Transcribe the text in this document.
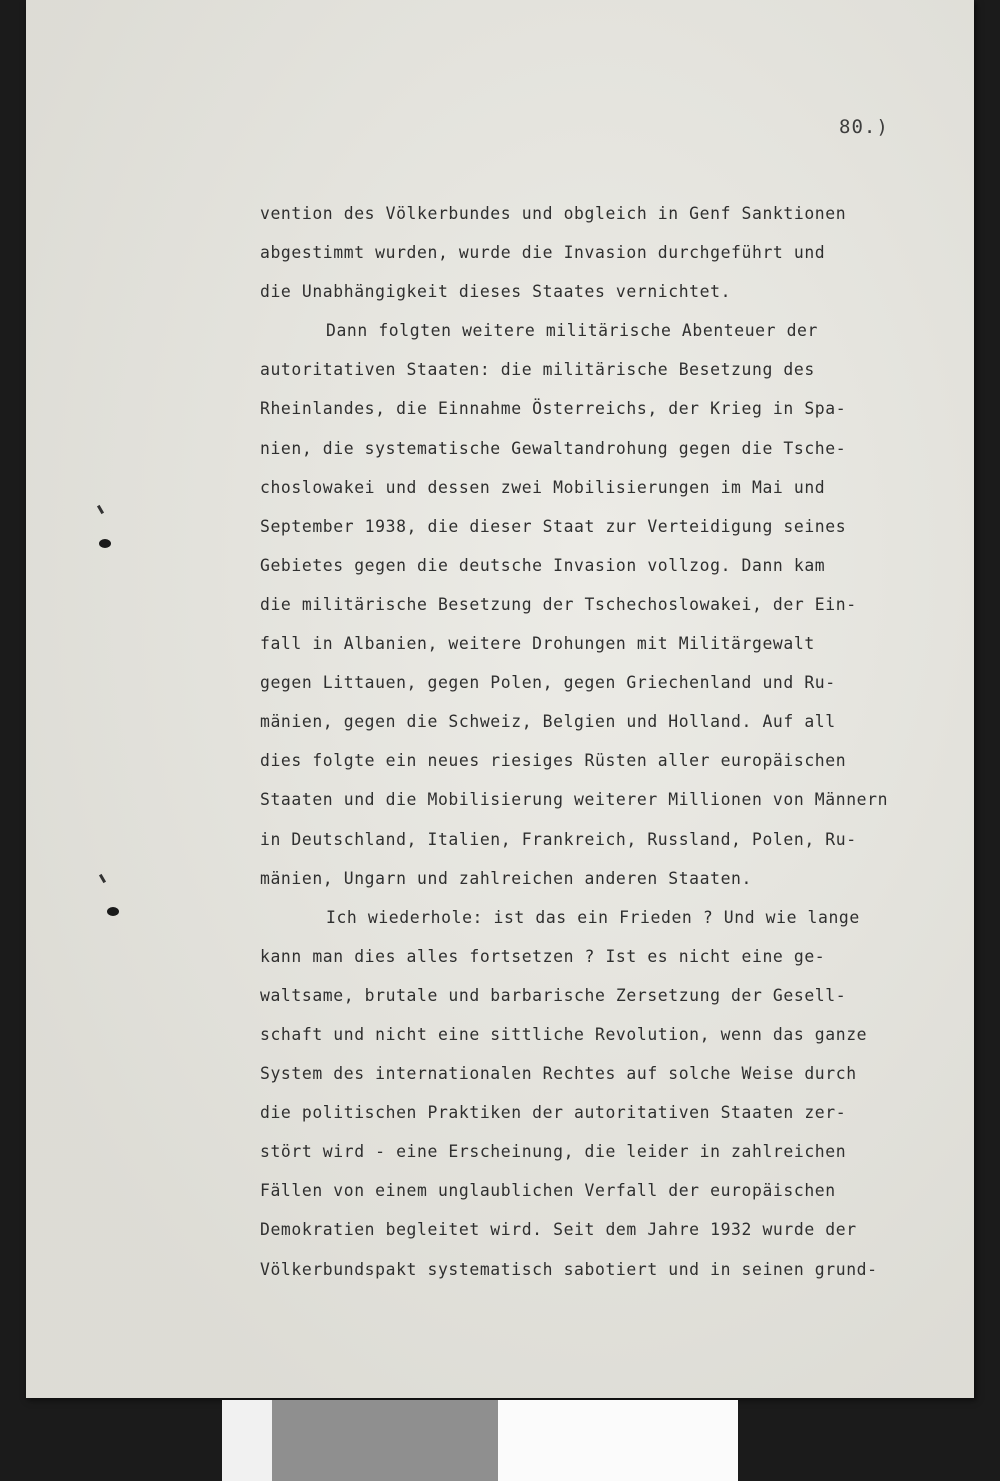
80.)
vention des Völkerbundes und obgleich in Genf Sanktionen
abgestimmt wurden, wurde die Invasion durchgeführt und
die Unabhängigkeit dieses Staates vernichtet.
Dann folgten weitere militärische Abenteuer der
autoritativen Staaten: die militärische Besetzung des
Rheinlandes, die Einnahme Österreichs, der Krieg in Spa-
nien, die systematische Gewaltandrohung gegen die Tsche-
choslowakei und dessen zwei Mobilisierungen im Mai und
September 1938, die dieser Staat zur Verteidigung seines
Gebietes gegen die deutsche Invasion vollzog. Dann kam
die militärische Besetzung der Tschechoslowakei, der Ein-
fall in Albanien, weitere Drohungen mit Militärgewalt
gegen Littauen, gegen Polen, gegen Griechenland und Ru-
mänien, gegen die Schweiz, Belgien und Holland. Auf all
dies folgte ein neues riesiges Rüsten aller europäischen
Staaten und die Mobilisierung weiterer Millionen von Männern
in Deutschland, Italien, Frankreich, Russland, Polen, Ru-
mänien, Ungarn und zahlreichen anderen Staaten.
Ich wiederhole: ist das ein Frieden ? Und wie lange
kann man dies alles fortsetzen ? Ist es nicht eine ge-
waltsame, brutale und barbarische Zersetzung der Gesell-
schaft und nicht eine sittliche Revolution, wenn das ganze
System des internationalen Rechtes auf solche Weise durch
die politischen Praktiken der autoritativen Staaten zer-
stört wird - eine Erscheinung, die leider in zahlreichen
Fällen von einem unglaublichen Verfall der europäischen
Demokratien begleitet wird. Seit dem Jahre 1932 wurde der
Völkerbundspakt systematisch sabotiert und in seinen grund-
